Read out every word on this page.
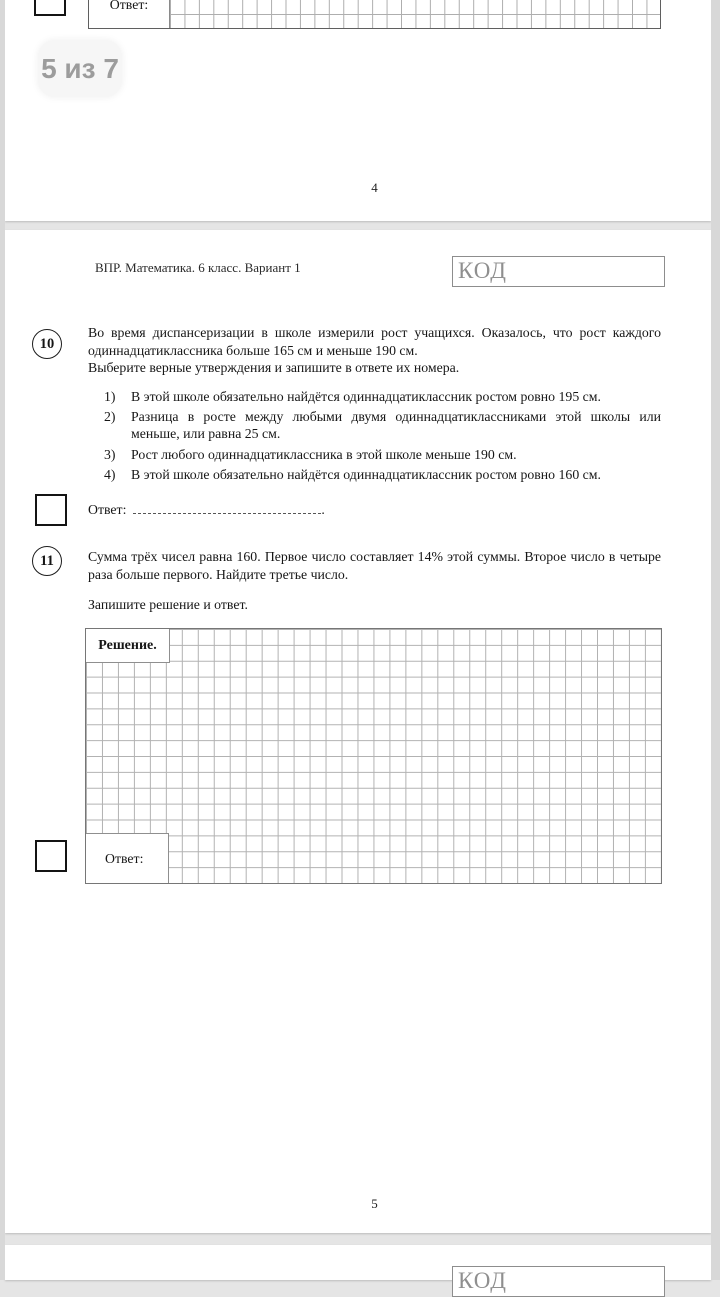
Ответ:
5 из 7
4
ВПР. Математика. 6 класс. Вариант 1	КОД
10

Во время диспансеризации в школе измерили рост учащихся. Оказалось, что рост каждого одиннадцатиклассника больше 165 см и меньше 190 см.

Выберите верные утверждения и запишите в ответе их номера.

1)	В этой школе обязательно найдётся одиннадцатиклассник ростом ровно 195 см.
2)	Разница в росте между любыми двумя одиннадцатиклассниками этой школы или меньше, или равна 25 см.
3)	Рост любого одиннадцатиклассника в этой школе меньше 190 см.
4)	В этой школе обязательно найдётся одиннадцатиклассник ростом ровно 160 см.
Ответ:	.
11 Сумма трёх чисел равна 160. Первое число составляет 14% этой суммы. Второе число в четыре раза больше первого. Найдите третье число.

Запишите решение и ответ.

Решение.
Ответ:
5
КОД
